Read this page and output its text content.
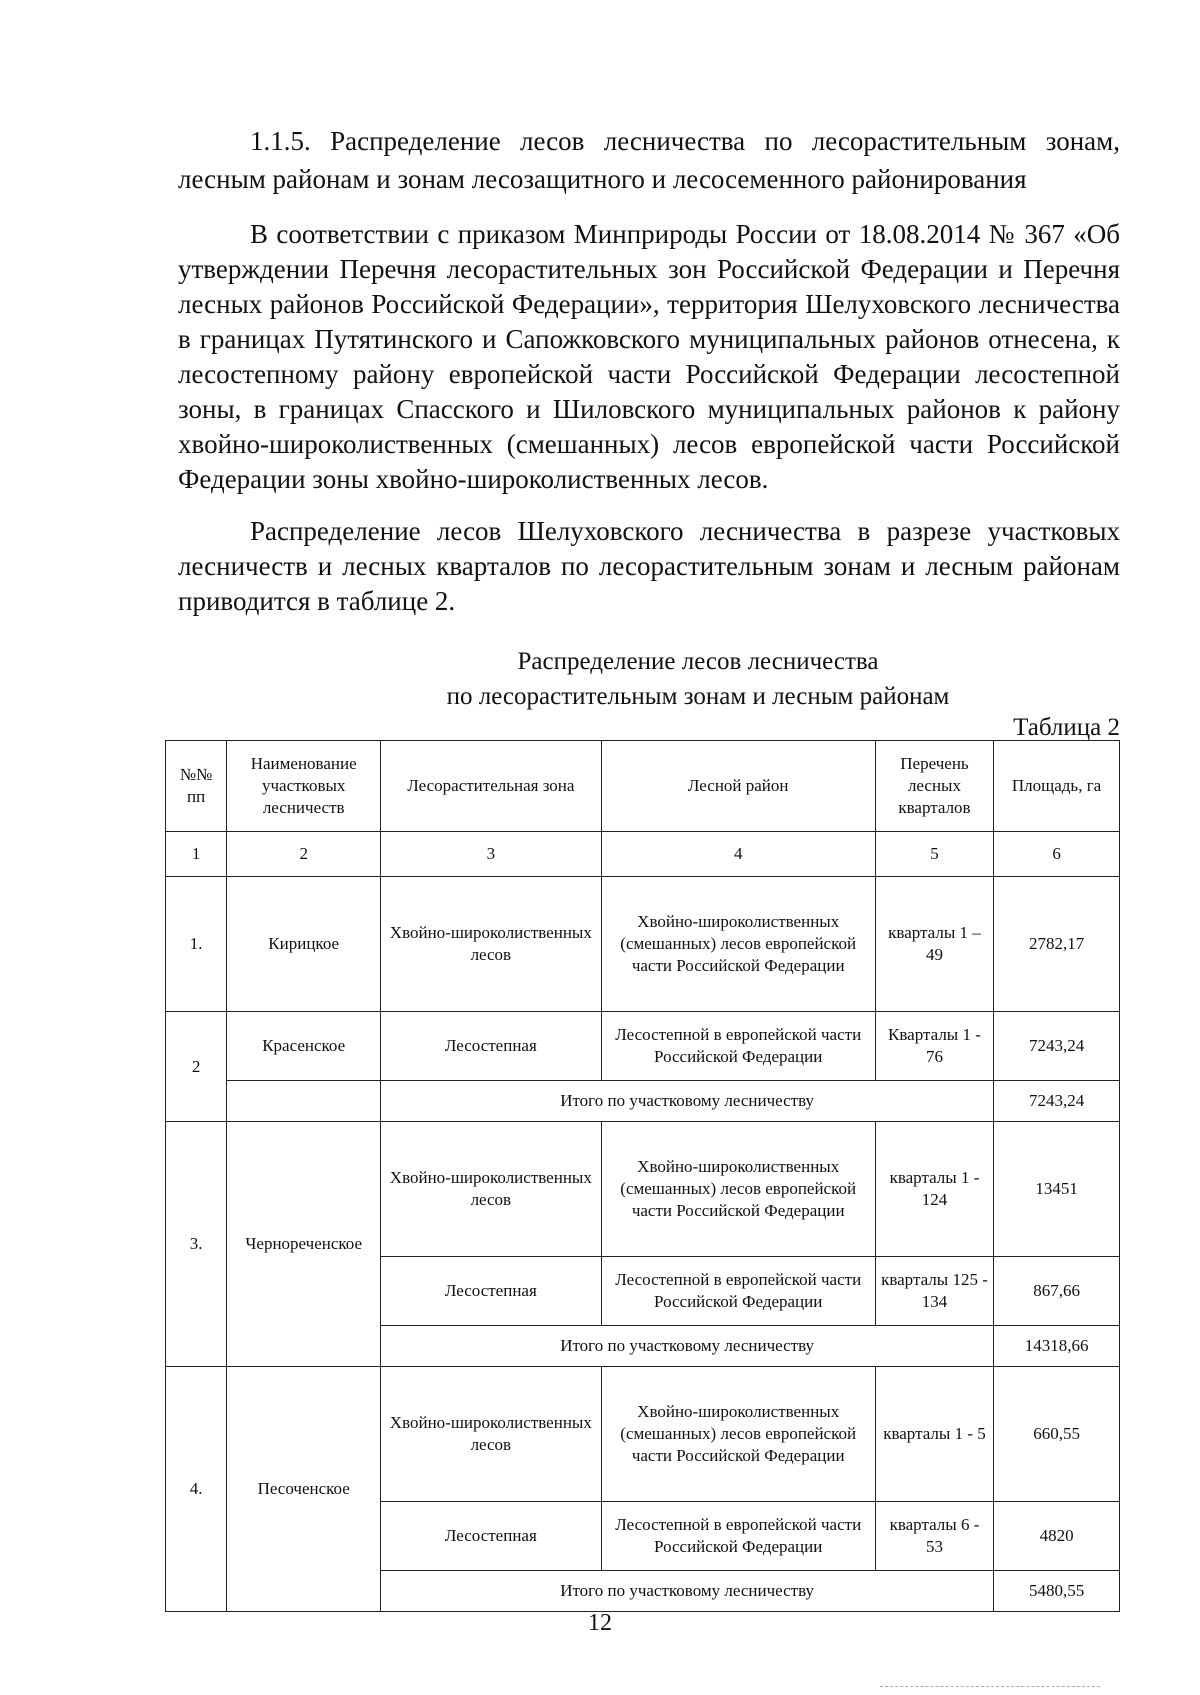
1.1.5. Распределение лесов лесничества по лесорастительным зонам,
лесным районам и зонам лесозащитного и лесосеменного районирования
В соответствии с приказом Минприроды России от 18.08.2014 № 367 «Об утверждении Перечня лесорастительных зон Российской Федерации и Перечня лесных районов Российской Федерации», территория Шелуховского лесничества в границах Путятинского и Сапожковского муниципальных районов отнесена, к лесостепному району европейской части Российской Федерации лесостепной зоны, в границах Спасского и Шиловского муниципальных районов к району хвойно-широколиственных (смешанных) лесов европейской части Российской Федерации зоны хвойно-широколиственных лесов.
Распределение лесов Шелуховского лесничества в разрезе участковых лесничеств и лесных кварталов по лесорастительным зонам и лесным районам приводится в таблице 2.
Распределение лесов лесничества
по лесорастительным зонам и лесным районам
Таблица 2
№№ пп	Наименование участковых лесничеств	Лесорастительная зона	Лесной район	Перечень лесных кварталов	Площадь, га
1	2	3	4	5	6
1.	Кирицкое	Хвойно-широколиственных лесов	Хвойно-широколиственных (смешанных) лесов европейской части Российской Федерации	кварталы 1 – 49	2782,17
2	Красенское	Лесостепная	Лесостепной в европейской части Российской Федерации	Кварталы 1 - 76	7243,24
		Итого по участковому лесничеству			7243,24
3.	Чернореченское	Хвойно-широколиственных лесов	Хвойно-широколиственных (смешанных) лесов европейской части Российской Федерации	кварталы 1 - 124	13451
		Лесостепная	Лесостепной в европейской части Российской Федерации	кварталы 125 - 134	867,66
		Итого по участковому лесничеству			14318,66
4.	Песоченское	Хвойно-широколиственных лесов	Хвойно-широколиственных (смешанных) лесов европейской части Российской Федерации	кварталы 1 - 5	660,55
		Лесостепная	Лесостепной в европейской части Российской Федерации	кварталы 6 - 53	4820
		Итого по участковому лесничеству			5480,55
12
